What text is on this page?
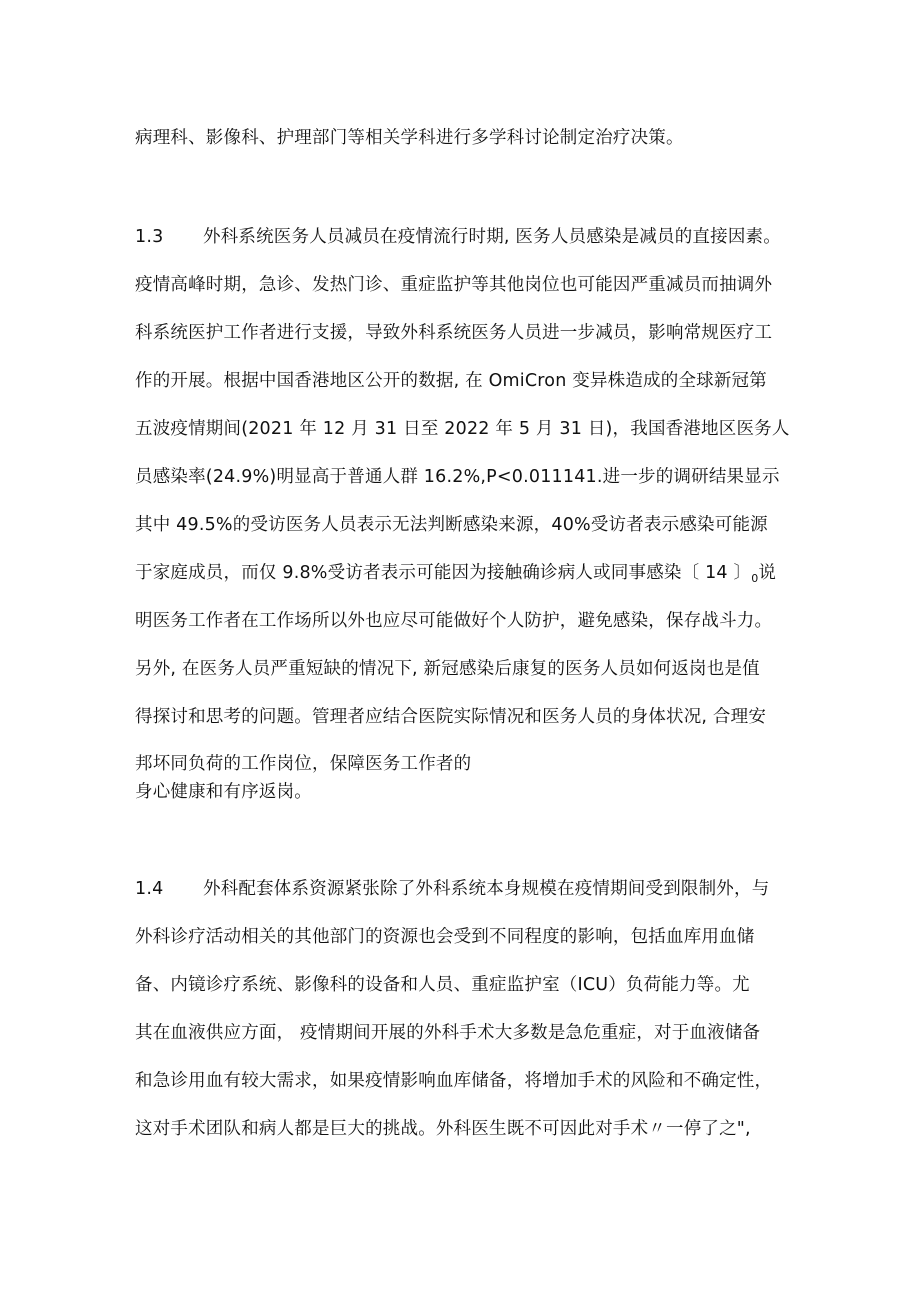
病理科、影像科、护理部门等相关学科进行多学科讨论制定治疗决策。
1.3 外科系统医务人员减员在疫情流行时期, 医务人员感染是减员的直接因素。
疫情高峰时期，急诊、发热门诊、重症监护等其他岗位也可能因严重减员而抽调外
科系统医护工作者进行支援，导致外科系统医务人员进一步减员，影响常规医疗工
作的开展。根据中国香港地区公开的数据, 在 OmiCron 变异株造成的全球新冠第
五波疫情期间(2021 年 12 月 31 日至 2022 年 5 月 31 日)，我国香港地区医务人
员感染率(24.9%)明显高于普通人群 16.2%,P<0.011141.进一步的调研结果显示
其中 49.5%的受访医务人员表示无法判断感染来源，40%受访者表示感染可能源
于家庭成员，而仅 9.8%受访者表示可能因为接触确诊病人或同事感染〔 14 〕$_0$说
明医务工作者在工作场所以外也应尽可能做好个人防护，避免感染，保存战斗力。
另外, 在医务人员严重短缺的情况下, 新冠感染后康复的医务人员如何返岗也是值
得探讨和思考的问题。管理者应结合医院实际情况和医务人员的身体状况, 合理安
邦坏同负荷的工作岗位，保障医务工作者的
身心健康和有序返岗。
1.4 外科配套体系资源紧张除了外科系统本身规模在疫情期间受到限制外，与
外科诊疗活动相关的其他部门的资源也会受到不同程度的影响，包括血库用血储
备、内镜诊疗系统、影像科的设备和人员、重症监护室（ICU）负荷能力等。尤
其在血液供应方面， 疫情期间开展的外科手术大多数是急危重症，对于血液储备
和急诊用血有较大需求，如果疫情影响血库储备，将增加手术的风险和不确定性，
这对手术团队和病人都是巨大的挑战。外科医生既不可因此对手术〃一停了之",
